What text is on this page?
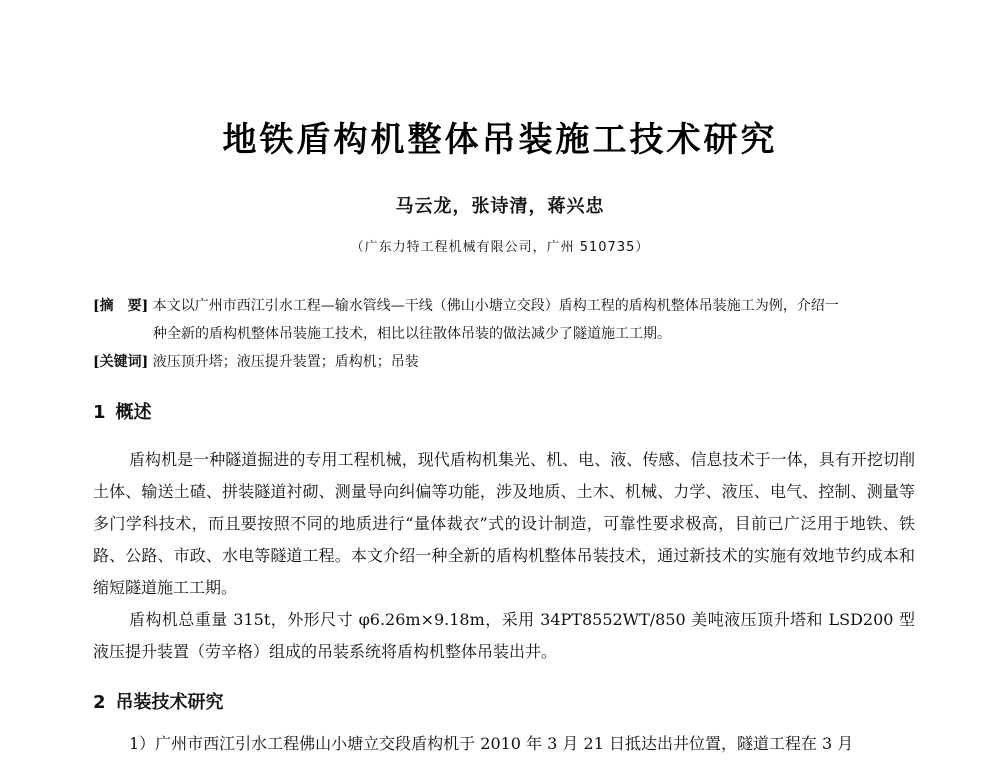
地铁盾构机整体吊装施工技术研究
马云龙，张诗清，蒋兴忠
（广东力特工程机械有限公司，广州 510735）
[摘　要] 本文以广州市西江引水工程—输水管线—干线（佛山小塘立交段）盾构工程的盾构机整体吊装施工为例，介绍一
种全新的盾构机整体吊装施工技术，相比以往散体吊装的做法减少了隧道施工工期。
[关键词] 液压顶升塔；液压提升装置；盾构机；吊装
1 概述
盾构机是一种隧道掘进的专用工程机械，现代盾构机集光、机、电、液、传感、信息技术于一体，具有开挖切削土体、输送土碴、拼装隧道衬砌、测量导向纠偏等功能，涉及地质、土木、机械、力学、液压、电气、控制、测量等多门学科技术，而且要按照不同的地质进行“量体裁衣”式的设计制造，可靠性要求极高，目前已广泛用于地铁、铁路、公路、市政、水电等隧道工程。本文介绍一种全新的盾构机整体吊装技术，通过新技术的实施有效地节约成本和缩短隧道施工工期。
盾构机总重量 315t，外形尺寸 φ6.26m×9.18m，采用 34PT8552WT/850 美吨液压顶升塔和 LSD200 型液压提升装置（劳辛格）组成的吊装系统将盾构机整体吊装出井。
2 吊装技术研究
1）广州市西江引水工程佛山小塘立交段盾构机于 2010 年 3 月 21 日抵达出井位置，隧道工程在 3 月
